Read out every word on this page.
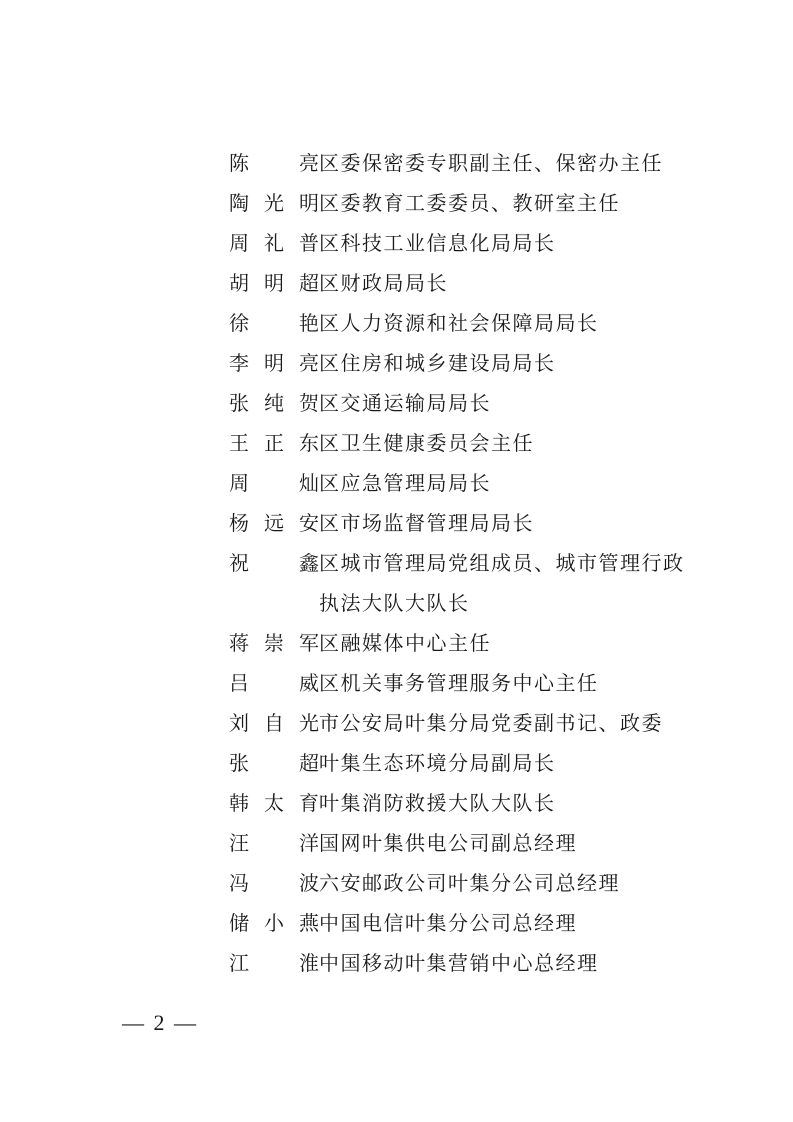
陈　亮 区委保密委专职副主任、保密办主任
陶光明 区委教育工委委员、教研室主任
周礼普 区科技工业信息化局局长
胡明超 区财政局局长
徐　艳 区人力资源和社会保障局局长
李明亮 区住房和城乡建设局局长
张纯贺 区交通运输局局长
王正东 区卫生健康委员会主任
周　灿 区应急管理局局长
杨远安 区市场监督管理局局长
祝　鑫 区城市管理局党组成员、城市管理行政执法大队大队长
蒋崇军 区融媒体中心主任
吕　威 区机关事务管理服务中心主任
刘自光 市公安局叶集分局党委副书记、政委
张　超 叶集生态环境分局副局长
韩太育 叶集消防救援大队大队长
汪　洋 国网叶集供电公司副总经理
冯　波 六安邮政公司叶集分公司总经理
储小燕 中国电信叶集分公司总经理
江　淮 中国移动叶集营销中心总经理
— 2 —
